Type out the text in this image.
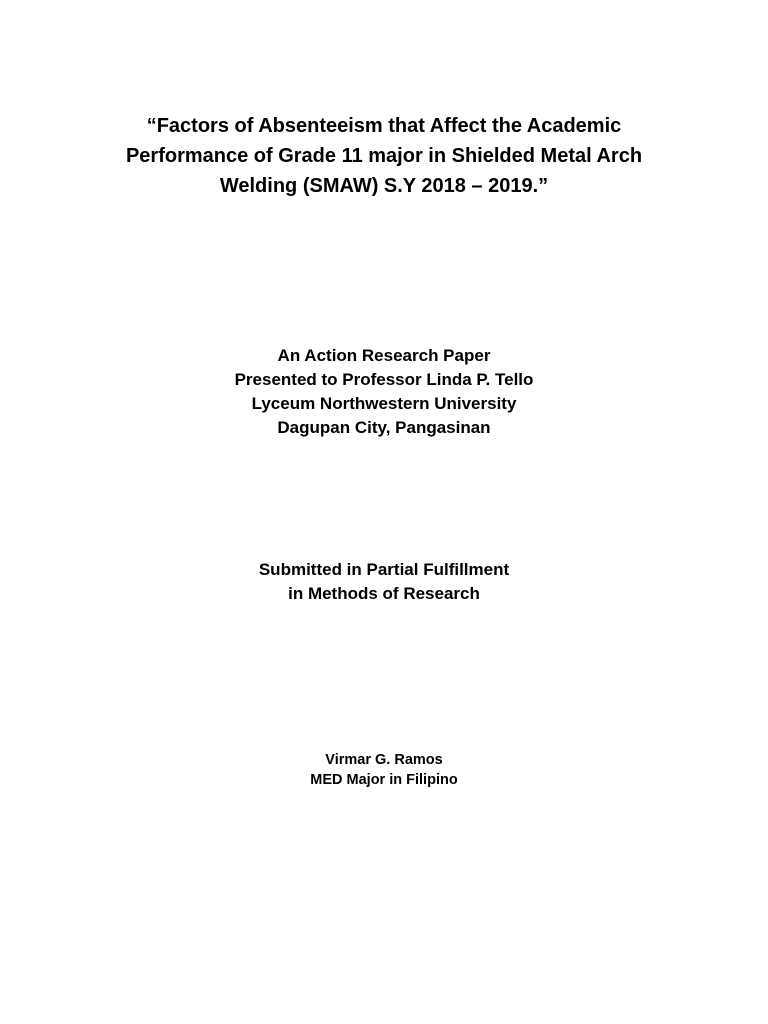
“Factors of Absenteeism that Affect the Academic
Performance of Grade 11 major in Shielded Metal Arch
Welding (SMAW) S.Y 2018 – 2019.”
An Action Research Paper
Presented to Professor Linda P. Tello
Lyceum Northwestern University
Dagupan City, Pangasinan
Submitted in Partial Fulfillment
in Methods of Research
Virmar G. Ramos
MED Major in Filipino
